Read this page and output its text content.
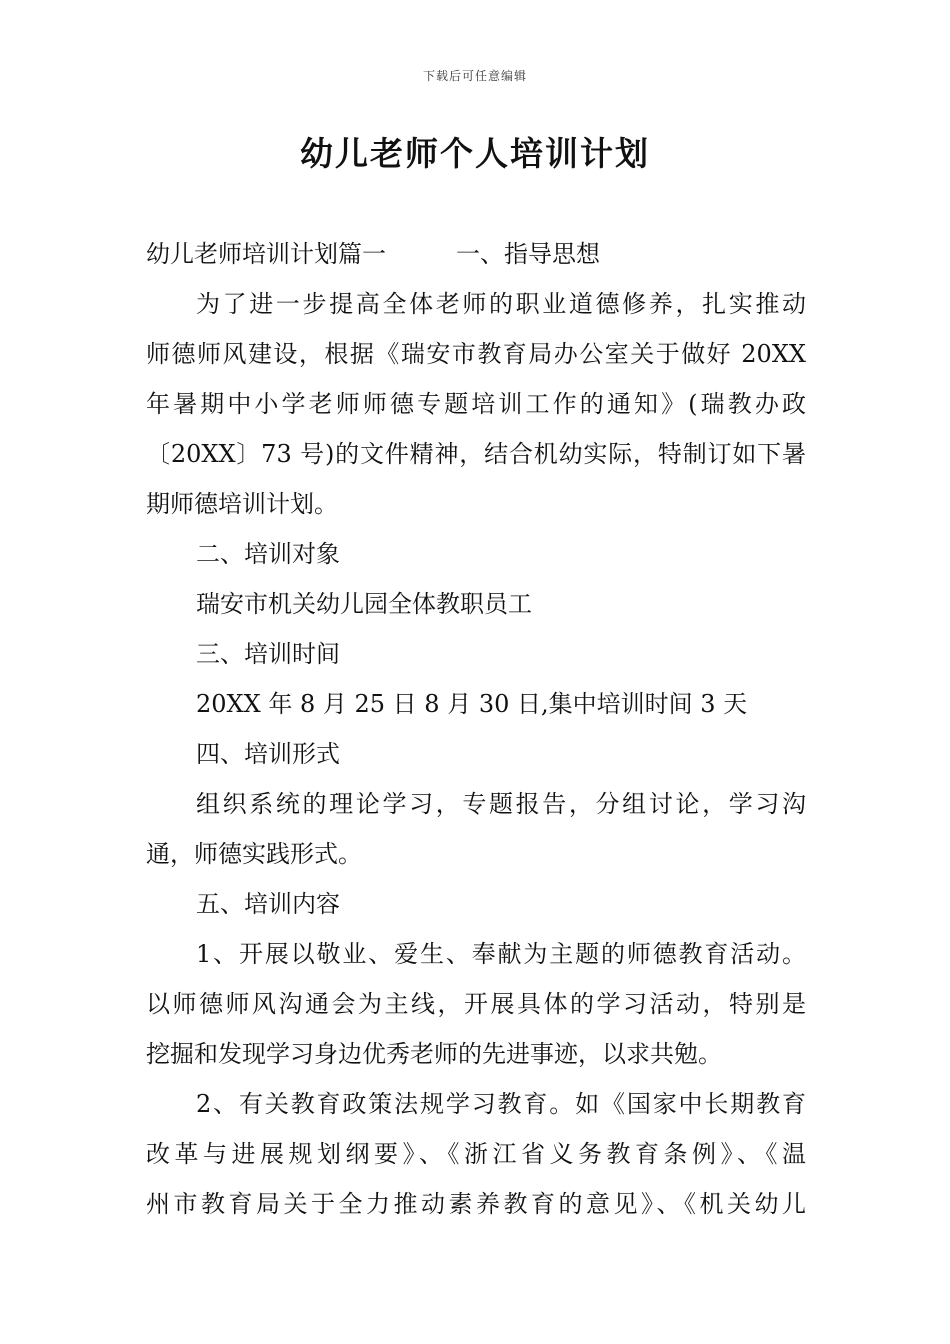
下载后可任意编辑
幼儿老师个人培训计划
幼儿老师培训计划篇一	一、指导思想
为了进一步提高全体老师的职业道德修养，扎实推动
师德师风建设，根据《瑞安市教育局办公室关于做好 20XX
年暑期中小学老师师德专题培训工作的通知》(瑞教办政
〔20XX〕73 号)的文件精神，结合机幼实际，特制订如下暑
期师德培训计划。
二、培训对象
瑞安市机关幼儿园全体教职员工
三、培训时间
20XX 年 8 月 25 日 8 月 30 日,集中培训时间 3 天
四、培训形式
组织系统的理论学习，专题报告，分组讨论，学习沟
通，师德实践形式。
五、培训内容
1、开展以敬业、爱生、奉献为主题的师德教育活动。
以师德师风沟通会为主线，开展具体的学习活动，特别是
挖掘和发现学习身边优秀老师的先进事迹，以求共勉。
2、有关教育政策法规学习教育。如《国家中长期教育
改革与进展规划纲要》、《浙江省义务教育条例》、《温
州市教育局关于全力推动素养教育的意见》、《机关幼儿
